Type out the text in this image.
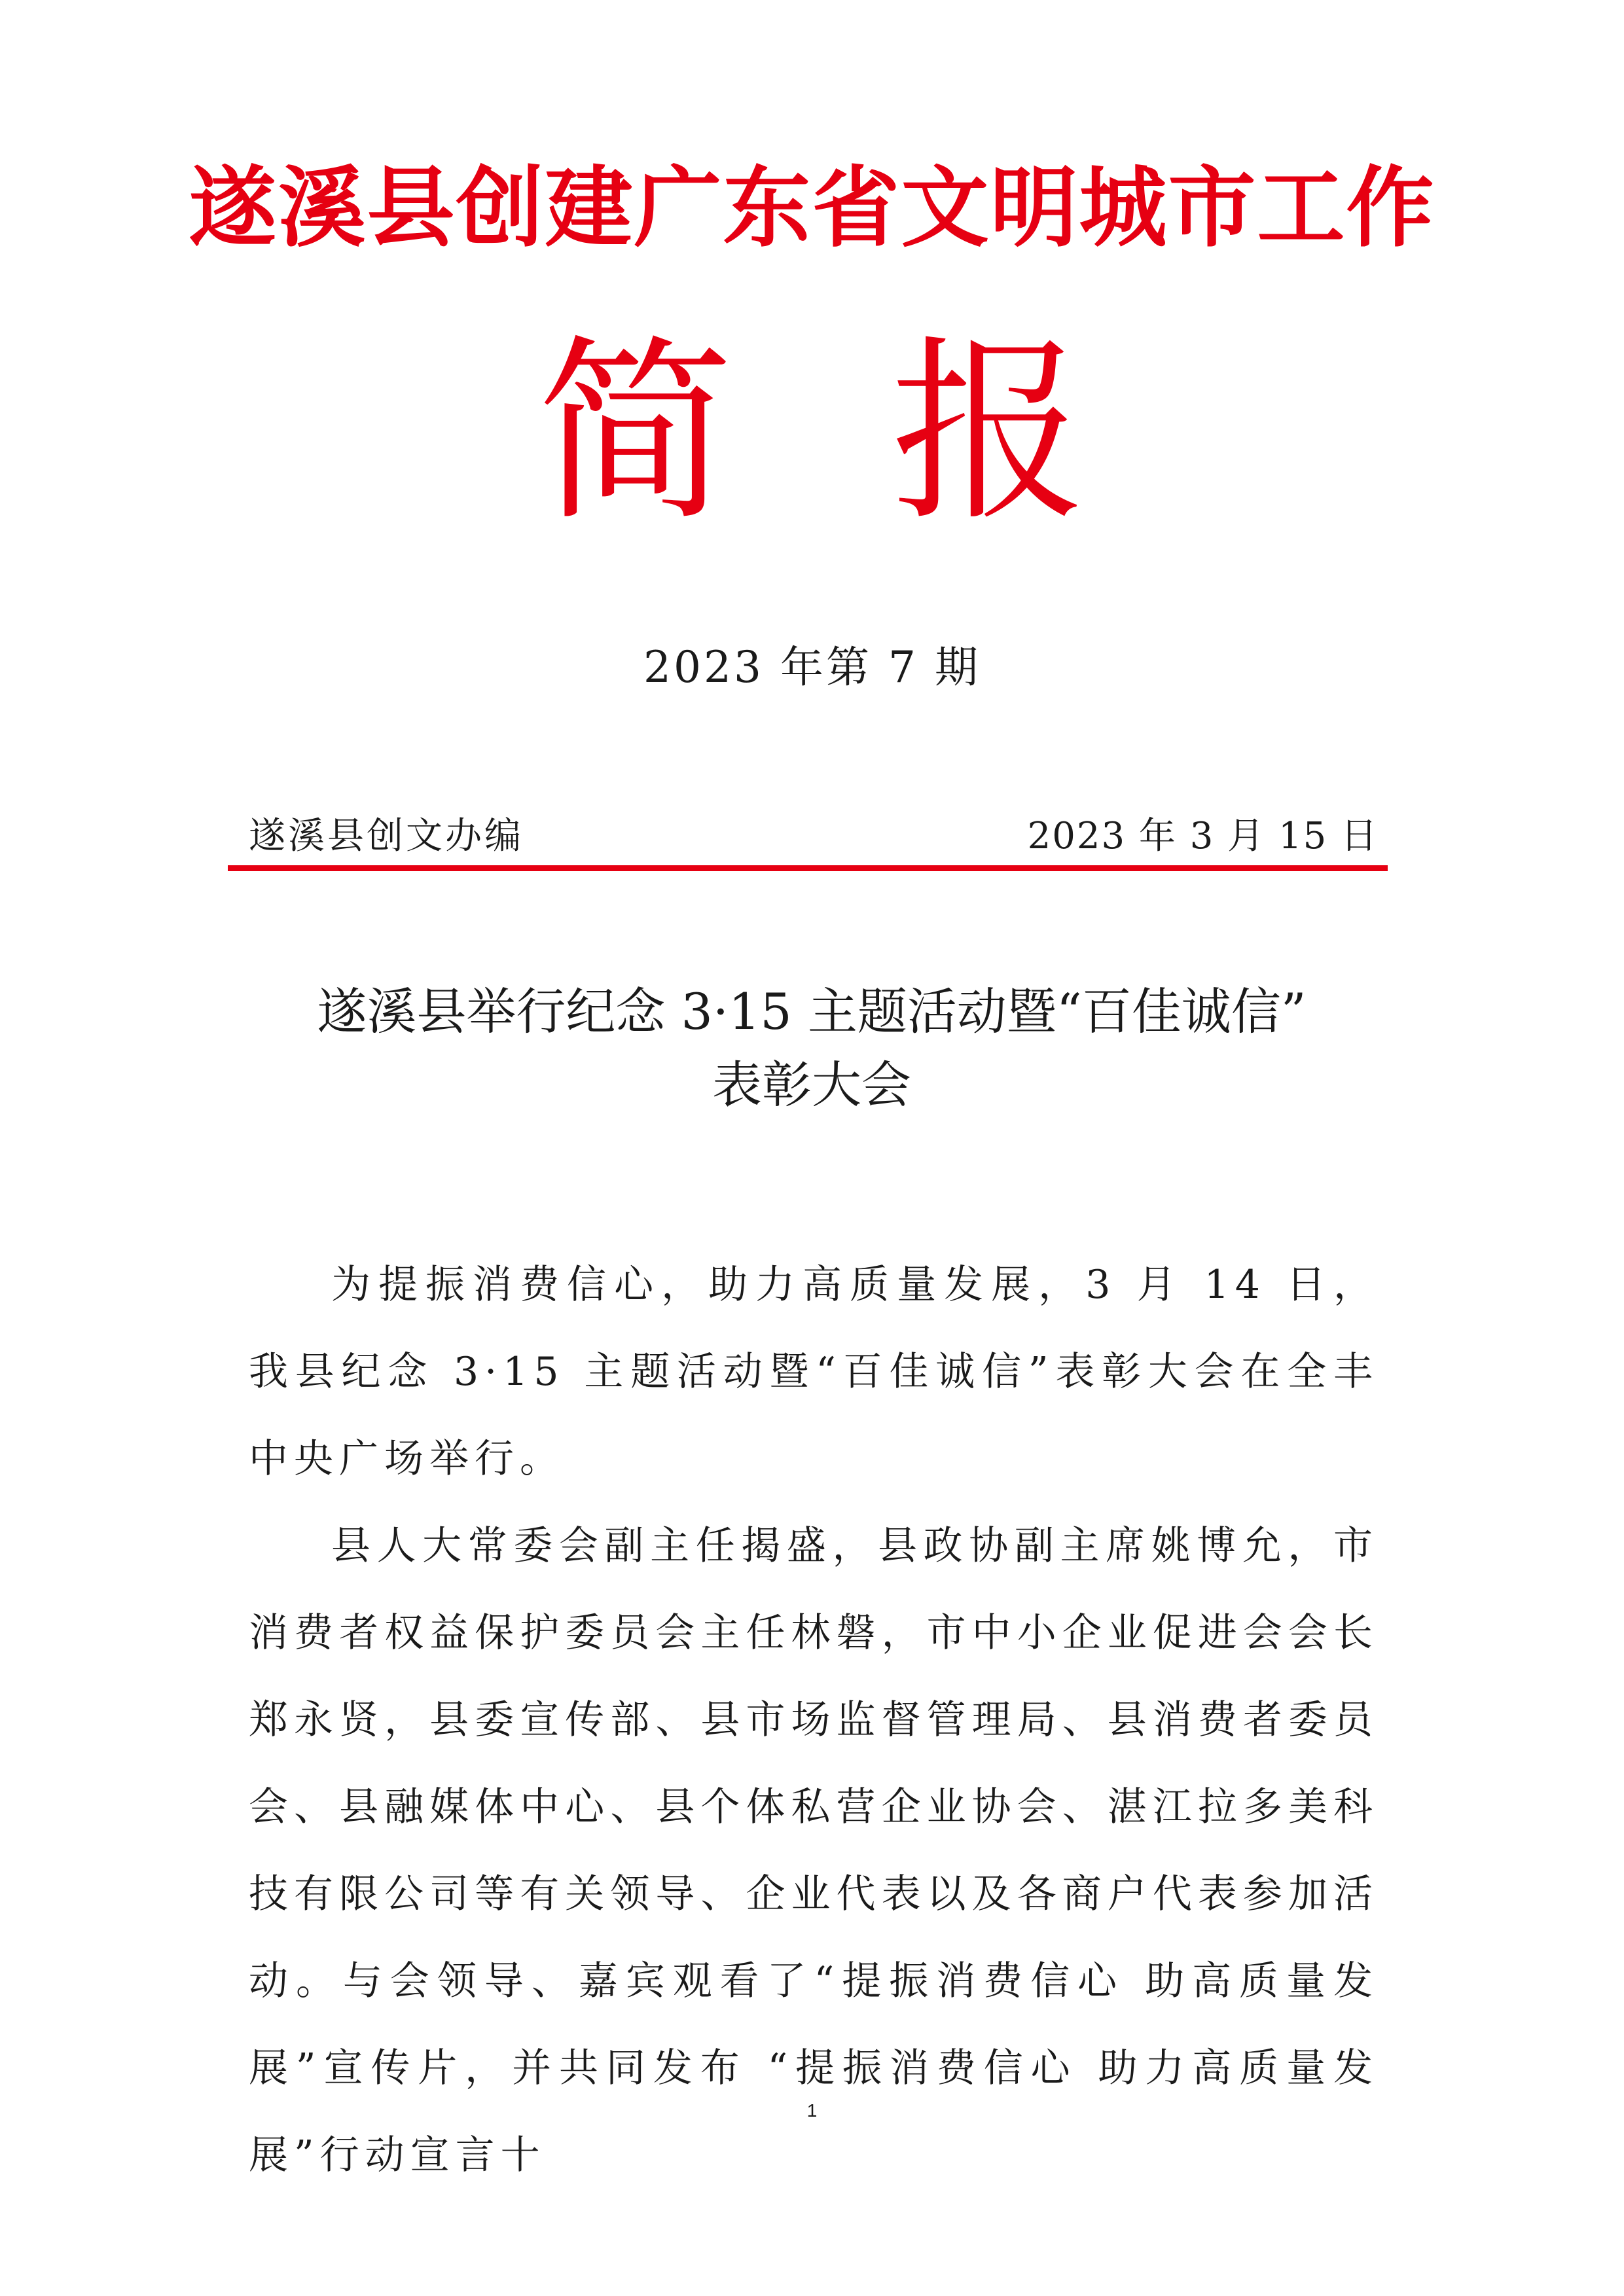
遂溪县创建广东省文明城市工作
简 报
2023 年第 7 期
遂溪县创文办编	2023 年 3 月 15 日
遂溪县举行纪念 3·15 主题活动暨“百佳诚信”
表彰大会

为提振消费信心，助力高质量发展，3 月 14 日，我县纪念 3·15 主题活动暨“百佳诚信”表彰大会在全丰中央广场举行。

县人大常委会副主任揭盛，县政协副主席姚博允，市消费者权益保护委员会主任林磐，市中小企业促进会会长郑永贤，县委宣传部、县市场监督管理局、县消费者委员会、县融媒体中心、县个体私营企业协会、湛江拉多美科技有限公司等有关领导、企业代表以及各商户代表参加活动。与会领导、嘉宾观看了“提振消费信心 助高质量发展”宣传片，并共同发布 “提振消费信心 助力高质量发展”行动宣言十

1
